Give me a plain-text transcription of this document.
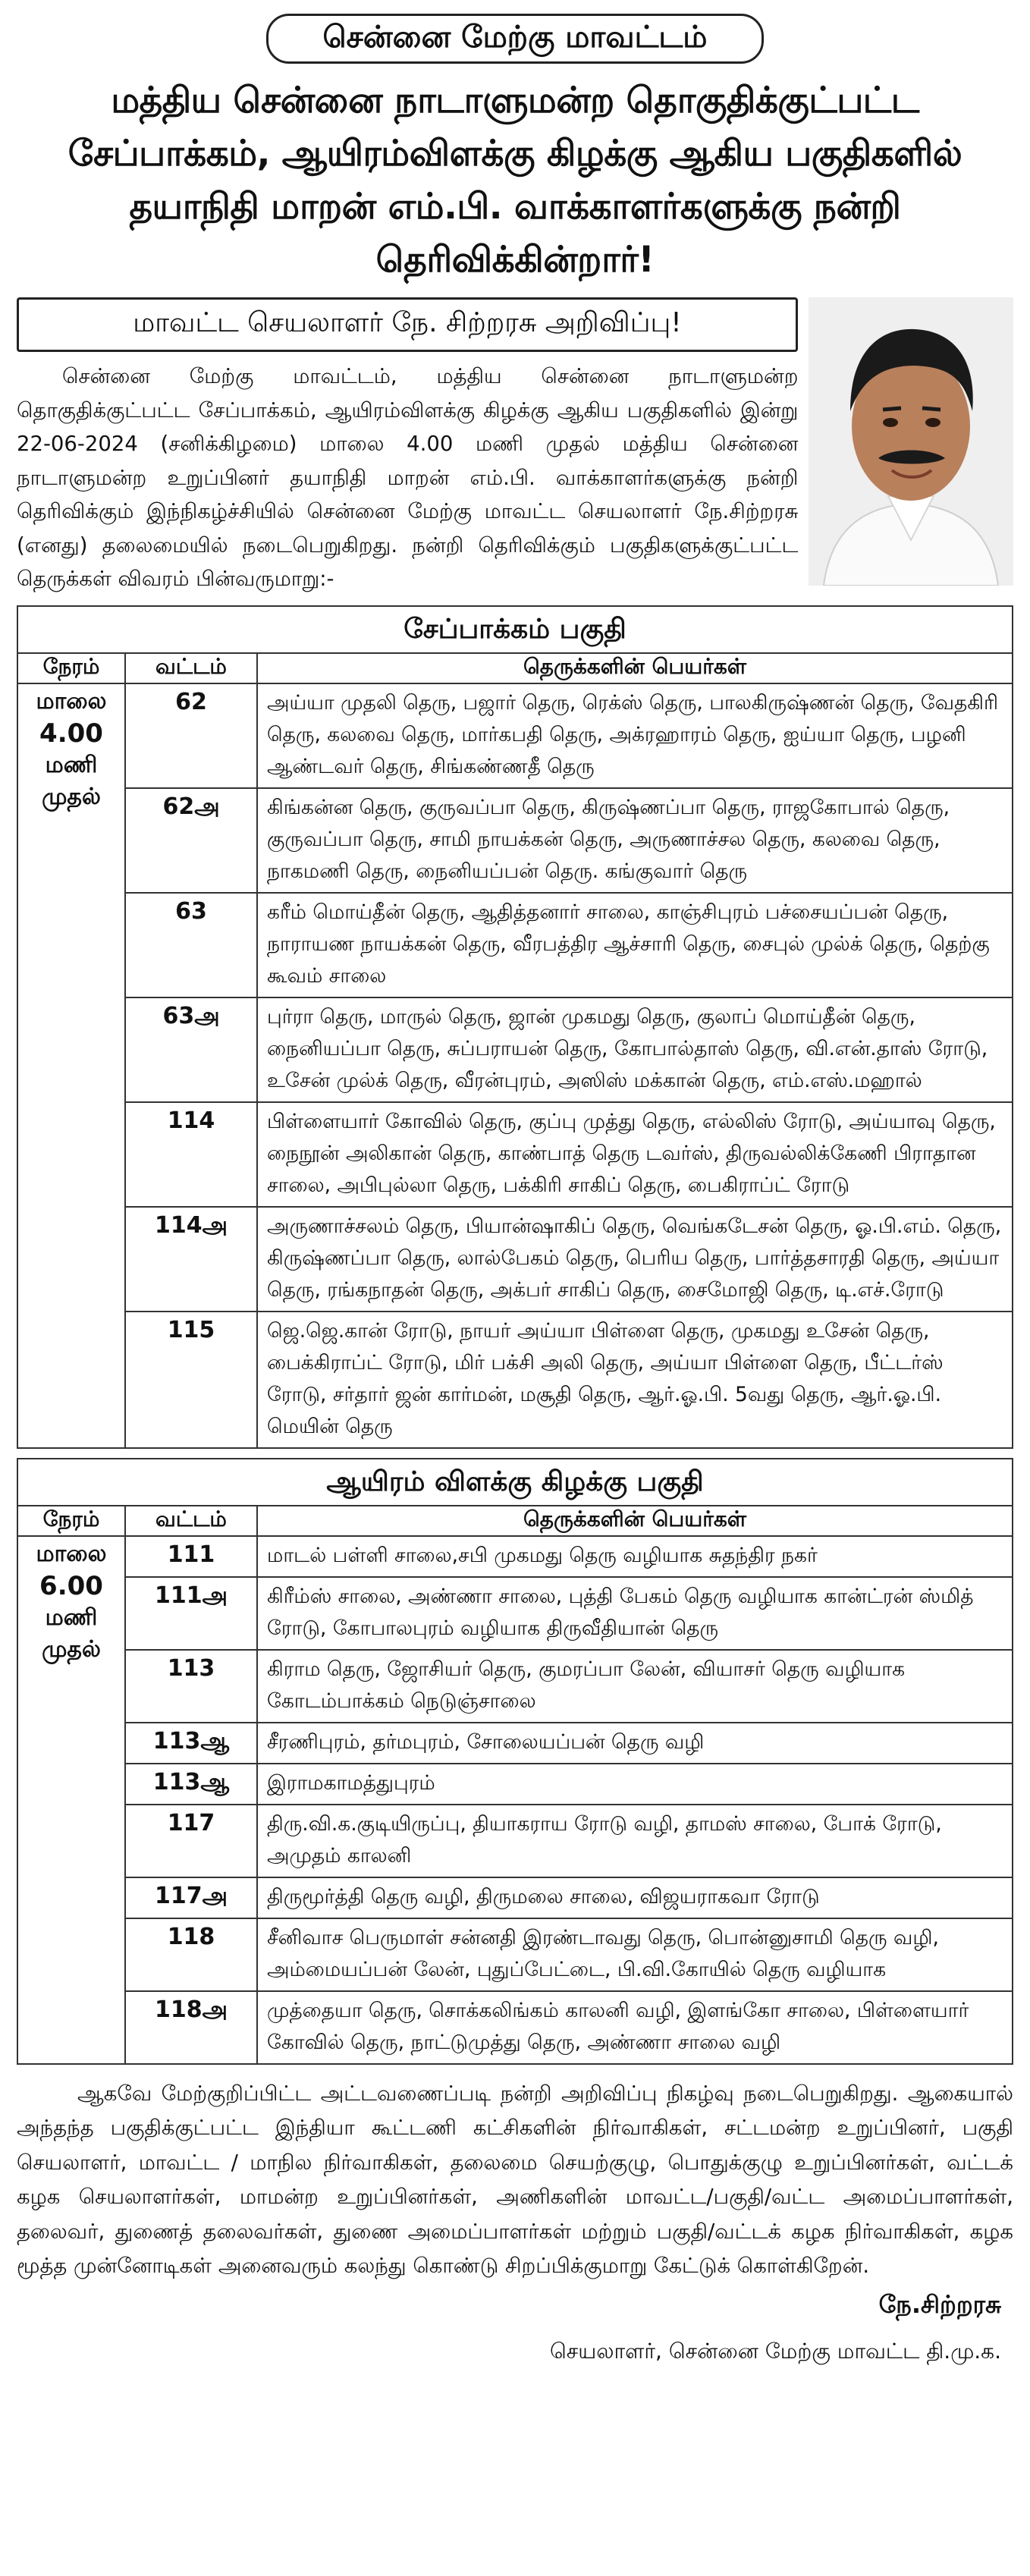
சென்னை மேற்கு மாவட்டம்
மத்திய சென்னை நாடாளுமன்ற தொகுதிக்குட்பட்ட
சேப்பாக்கம், ஆயிரம்விளக்கு கிழக்கு ஆகிய பகுதிகளில்
தயாநிதி மாறன் எம்.பி. வாக்காளர்களுக்கு நன்றி தெரிவிக்கின்றார்!
மாவட்ட செயலாளர் நே. சிற்றரசு அறிவிப்பு!
சென்னை மேற்கு மாவட்டம், மத்திய சென்னை நாடாளுமன்ற தொகுதிக்குட்பட்ட சேப்பாக்கம், ஆயிரம்விளக்கு கிழக்கு ஆகிய பகுதிகளில் இன்று 22-06-2024 (சனிக்கிழமை) மாலை 4.00 மணி முதல் மத்திய சென்னை நாடாளுமன்ற உறுப்பினர் தயாநிதி மாறன் எம்.பி. வாக்காளர்களுக்கு நன்றி தெரிவிக்கும் இந்நிகழ்ச்சியில் சென்னை மேற்கு மாவட்ட செயலாளர் நே.சிற்றரசு (எனது) தலைமையில் நடைபெறுகிறது. நன்றி தெரிவிக்கும் பகுதிகளுக்குட்பட்ட தெருக்கள் விவரம் பின்வருமாறு:-
சேப்பாக்கம் பகுதி
நேரம்	வட்டம்	தெருக்களின் பெயர்கள்

மாலை
4.00
மணி
முதல்	62	அய்யா முதலி தெரு, பஜார் தெரு, ரெக்ஸ் தெரு, பாலகிருஷ்ணன் தெரு, வேதகிரி தெரு, கலவை தெரு, மார்கபதி தெரு, அக்ரஹாரம் தெரு, ஐய்யா தெரு, பழனி ஆண்டவர் தெரு, சிங்கண்ணதீ தெரு
	62அ	கிங்கன்ன தெரு, குருவப்பா தெரு, கிருஷ்ணப்பா தெரு, ராஜகோபால் தெரு, குருவப்பா தெரு, சாமி நாயக்கன் தெரு, அருணாச்சல தெரு, கலவை தெரு, நாகமணி தெரு, நைனியப்பன் தெரு. கங்குவார் தெரு
	63	கரீம் மொய்தீன் தெரு, ஆதித்தனார் சாலை, காஞ்சிபுரம் பச்சையப்பன் தெரு, நாராயண நாயக்கன் தெரு, வீரபத்திர ஆச்சாரி தெரு, சைபுல் முல்க் தெரு, தெற்கு கூவம் சாலை
	63அ	புர்ரா தெரு, மாருல் தெரு, ஜான் முகமது தெரு, குலாப் மொய்தீன் தெரு, நைனியப்பா தெரு, சுப்பராயன் தெரு, கோபால்தாஸ் தெரு, வி.என்.தாஸ் ரோடு, உசேன் முல்க் தெரு, வீரன்புரம், அஸிஸ் மக்கான் தெரு, எம்.எஸ்.மஹால்
	114	பிள்ளையார் கோவில் தெரு, குப்பு முத்து தெரு, எல்லிஸ் ரோடு, அய்யாவு தெரு, நைநூன் அலிகான் தெரு, காண்பாத் தெரு டவர்ஸ், திருவல்லிக்கேணி பிராதான சாலை, அபிபுல்லா தெரு, பக்கிரி சாகிப் தெரு, பைகிராப்ட் ரோடு
	114அ	அருணாச்சலம் தெரு, பியான்ஷாகிப் தெரு, வெங்கடேசன் தெரு, ஓ.பி.எம். தெரு, கிருஷ்ணப்பா தெரு, லால்பேகம் தெரு, பெரிய தெரு, பார்த்தசாரதி தெரு, அய்யா தெரு, ரங்கநாதன் தெரு, அக்பர் சாகிப் தெரு, சைமோஜி தெரு, டி.எச்.ரோடு
	115	ஜெ.ஜெ.கான் ரோடு, நாயர் அய்யா பிள்ளை தெரு, முகமது உசேன் தெரு, பைக்கிராப்ட் ரோடு, மிர் பக்சி அலி தெரு, அய்யா பிள்ளை தெரு, பீட்டர்ஸ் ரோடு, சர்தார் ஜன் கார்மன், மசூதி தெரு, ஆர்.ஓ.பி. 5வது தெரு, ஆர்.ஓ.பி. மெயின் தெரு
ஆயிரம் விளக்கு கிழக்கு பகுதி
நேரம்	வட்டம்	தெருக்களின் பெயர்கள்

மாலை
6.00
மணி
முதல்	111	மாடல் பள்ளி சாலை,சபி முகமது தெரு வழியாக சுதந்திர நகர்
	111அ	கிரீம்ஸ் சாலை, அண்ணா சாலை, புத்தி பேகம் தெரு வழியாக கான்ட்ரன் ஸ்மித் ரோடு, கோபாலபுரம் வழியாக திருவீதியான் தெரு
	113	கிராம தெரு, ஜோசியர் தெரு, குமரப்பா லேன், வியாசர் தெரு வழியாக கோடம்பாக்கம் நெடுஞ்சாலை
	113ஆ	சீரணிபுரம், தர்மபுரம், சோலையப்பன் தெரு வழி
	113ஆ	இராமகாமத்துபுரம்
	117	திரு.வி.க.குடியிருப்பு, தியாகராய ரோடு வழி, தாமஸ் சாலை, போக் ரோடு, அமுதம் காலனி
	117அ	திருமூர்த்தி தெரு வழி, திருமலை சாலை, விஜயராகவா ரோடு
	118	சீனிவாச பெருமாள் சன்னதி இரண்டாவது தெரு, பொன்னுசாமி தெரு வழி, அம்மையப்பன் லேன், புதுப்பேட்டை, பி.வி.கோயில் தெரு வழியாக
	118அ	முத்தையா தெரு, சொக்கலிங்கம் காலனி வழி, இளங்கோ சாலை, பிள்ளையார் கோவில் தெரு, நாட்டுமுத்து தெரு, அண்ணா சாலை வழி
ஆகவே மேற்குறிப்பிட்ட அட்டவணைப்படி நன்றி அறிவிப்பு நிகழ்வு நடைபெறுகிறது. ஆகையால் அந்தந்த பகுதிக்குட்பட்ட இந்தியா கூட்டணி கட்சிகளின் நிர்வாகிகள், சட்டமன்ற உறுப்பினர், பகுதி செயலாளர், மாவட்ட / மாநில நிர்வாகிகள், தலைமை செயற்குழு, பொதுக்குழு உறுப்பினர்கள், வட்டக் கழக செயலாளர்கள், மாமன்ற உறுப்பினர்கள், அணிகளின் மாவட்ட/பகுதி/வட்ட அமைப்பாளர்கள், தலைவர், துணைத் தலைவர்கள், துணை அமைப்பாளர்கள் மற்றும் பகுதி/வட்டக் கழக நிர்வாகிகள், கழக மூத்த முன்னோடிகள் அனைவரும் கலந்து கொண்டு சிறப்பிக்குமாறு கேட்டுக் கொள்கிறேன்.
நே.சிற்றரசு
செயலாளர், சென்னை மேற்கு மாவட்ட தி.மு.க.
